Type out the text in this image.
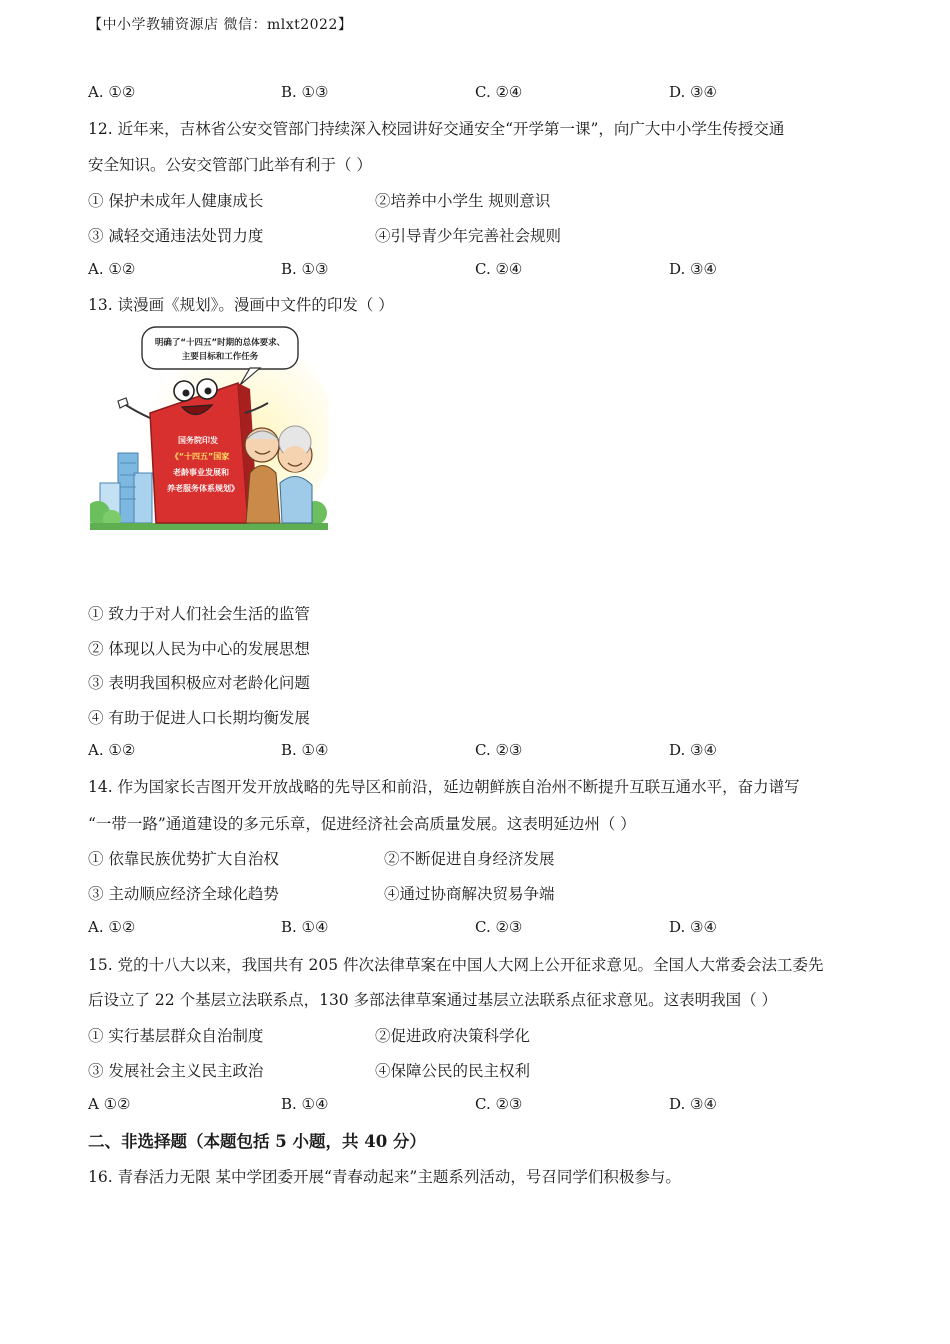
【中小学教辅资源店 微信：mlxt2022】
A. ①②	B. ①③	C. ②④	D. ③④
12. 近年来，吉林省公安交管部门持续深入校园讲好交通安全“开学第一课”，向广大中小学生传授交通
安全知识。公安交管部门此举有利于（ ）
① 保护未成年人健康成长	②培养中小学生 规则意识
③ 减轻交通违法处罚力度	④引导青少年完善社会规则
A. ①②	B. ①③	C. ②④	D. ③④
13. 读漫画《规划》。漫画中文件的印发（ ）
明确了“十四五”时期的总体要求、
主要目标和工作任务
国务院印发
《“十四五”国家
老龄事业发展和
养老服务体系规划》
① 致力于对人们社会生活的监管
② 体现以人民为中心的发展思想
③ 表明我国积极应对老龄化问题
④ 有助于促进人口长期均衡发展
A. ①②	B. ①④	C. ②③	D. ③④
14. 作为国家长吉图开发开放战略的先导区和前沿，延边朝鲜族自治州不断提升互联互通水平，奋力谱写
“一带一路”通道建设的多元乐章，促进经济社会高质量发展。这表明延边州（ ）
① 依靠民族优势扩大自治权	②不断促进自身经济发展
③ 主动顺应经济全球化趋势	④通过协商解决贸易争端
A. ①②	B. ①④	C. ②③	D. ③④
15. 党的十八大以来，我国共有 205 件次法律草案在中国人大网上公开征求意见。全国人大常委会法工委先
后设立了 22 个基层立法联系点，130 多部法律草案通过基层立法联系点征求意见。这表明我国（ ）
① 实行基层群众自治制度	②促进政府决策科学化
③ 发展社会主义民主政治	④保障公民的民主权利
A ①②	B. ①④	C. ②③	D. ③④
二、非选择题（本题包括 5 小题，共 40 分）
16. 青春活力无限 某中学团委开展“青春动起来”主题系列活动，号召同学们积极参与。
